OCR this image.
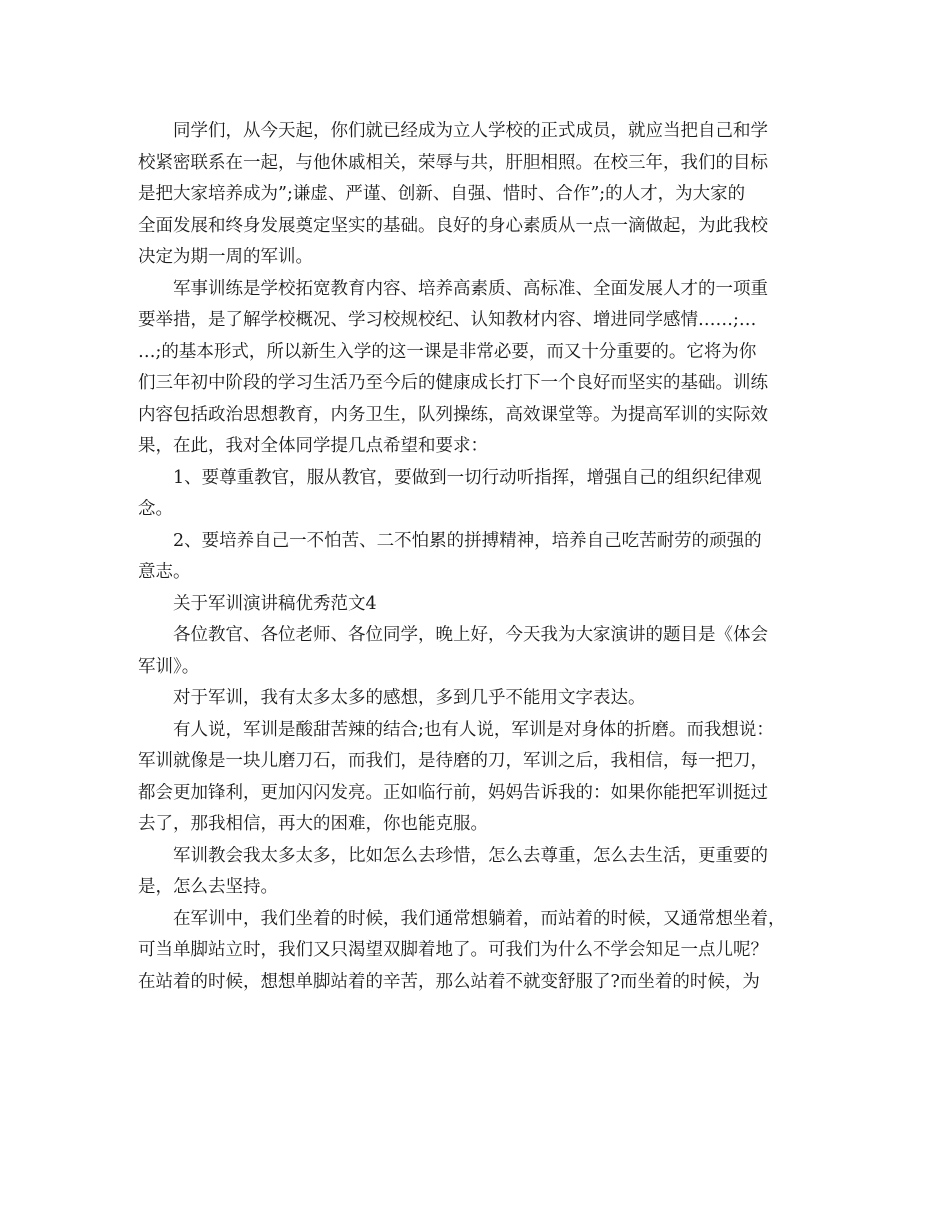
同学们，从今天起，你们就已经成为立人学校的正式成员，就应当把自己和学
校紧密联系在一起，与他休戚相关，荣辱与共，肝胆相照。在校三年，我们的目标
是把大家培养成为”;谦虚、严谨、创新、自强、惜时、合作”;的人才，为大家的
全面发展和终身发展奠定坚实的基础。良好的身心素质从一点一滴做起，为此我校
决定为期一周的军训。
军事训练是学校拓宽教育内容、培养高素质、高标准、全面发展人才的一项重
要举措，是了解学校概况、学习校规校纪、认知教材内容、增进同学感情……;…
…;的基本形式，所以新生入学的这一课是非常必要，而又十分重要的。它将为你
们三年初中阶段的学习生活乃至今后的健康成长打下一个良好而坚实的基础。训练
内容包括政治思想教育，内务卫生，队列操练，高效课堂等。为提高军训的实际效
果，在此，我对全体同学提几点希望和要求：
1、要尊重教官，服从教官，要做到一切行动听指挥，增强自己的组织纪律观
念。
2、要培养自己一不怕苦、二不怕累的拼搏精神，培养自己吃苦耐劳的顽强的
意志。
关于军训演讲稿优秀范文4
各位教官、各位老师、各位同学，晚上好，今天我为大家演讲的题目是《体会
军训》。
对于军训，我有太多太多的感想，多到几乎不能用文字表达。
有人说，军训是酸甜苦辣的结合;也有人说，军训是对身体的折磨。而我想说：
军训就像是一块儿磨刀石，而我们，是待磨的刀，军训之后，我相信，每一把刀，
都会更加锋利，更加闪闪发亮。正如临行前，妈妈告诉我的：如果你能把军训挺过
去了，那我相信，再大的困难，你也能克服。
军训教会我太多太多，比如怎么去珍惜，怎么去尊重，怎么去生活，更重要的
是，怎么去坚持。
在军训中，我们坐着的时候，我们通常想躺着，而站着的时候，又通常想坐着，
可当单脚站立时，我们又只渴望双脚着地了。可我们为什么不学会知足一点儿呢？
在站着的时候，想想单脚站着的辛苦，那么站着不就变舒服了?而坐着的时候，为
